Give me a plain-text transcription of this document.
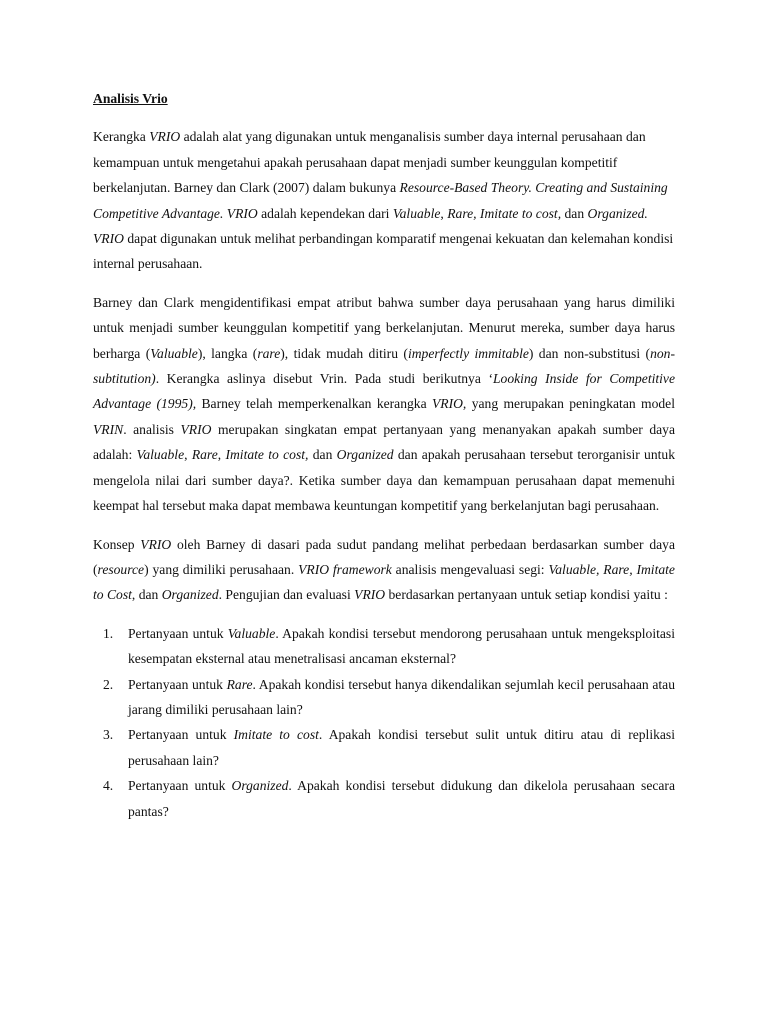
Analisis Vrio

Kerangka VRIO adalah alat yang digunakan untuk menganalisis sumber daya internal perusahaan dan kemampuan untuk mengetahui apakah perusahaan dapat menjadi sumber keunggulan kompetitif berkelanjutan. Barney dan Clark (2007) dalam bukunya Resource-Based Theory. Creating and Sustaining Competitive Advantage. VRIO adalah kependekan dari Valuable, Rare, Imitate to cost, dan Organized. VRIO dapat digunakan untuk melihat perbandingan komparatif mengenai kekuatan dan kelemahan kondisi internal perusahaan.

Barney dan Clark mengidentifikasi empat atribut bahwa sumber daya perusahaan yang harus dimiliki untuk menjadi sumber keunggulan kompetitif yang berkelanjutan. Menurut mereka, sumber daya harus berharga (Valuable), langka (rare), tidak mudah ditiru (imperfectly immitable) dan non-substitusi (non-subtitution). Kerangka aslinya disebut Vrin. Pada studi berikutnya ‘Looking Inside for Competitive Advantage (1995), Barney telah memperkenalkan kerangka VRIO, yang merupakan peningkatan model VRIN. analisis VRIO merupakan singkatan empat pertanyaan yang menanyakan apakah sumber daya adalah: Valuable, Rare, Imitate to cost, dan Organized dan apakah perusahaan tersebut terorganisir untuk mengelola nilai dari sumber daya?. Ketika sumber daya dan kemampuan perusahaan dapat memenuhi keempat hal tersebut maka dapat membawa keuntungan kompetitif yang berkelanjutan bagi perusahaan.

Konsep VRIO oleh Barney di dasari pada sudut pandang melihat perbedaan berdasarkan sumber daya (resource) yang dimiliki perusahaan. VRIO framework analisis mengevaluasi segi: Valuable, Rare, Imitate to Cost, dan Organized. Pengujian dan evaluasi VRIO berdasarkan pertanyaan untuk setiap kondisi yaitu :

1. Pertanyaan untuk Valuable. Apakah kondisi tersebut mendorong perusahaan untuk mengeksploitasi kesempatan eksternal atau menetralisasi ancaman eksternal?
2. Pertanyaan untuk Rare. Apakah kondisi tersebut hanya dikendalikan sejumlah kecil perusahaan atau jarang dimiliki perusahaan lain?
3. Pertanyaan untuk Imitate to cost. Apakah kondisi tersebut sulit untuk ditiru atau di replikasi perusahaan lain?
4. Pertanyaan untuk Organized. Apakah kondisi tersebut didukung dan dikelola perusahaan secara pantas?
